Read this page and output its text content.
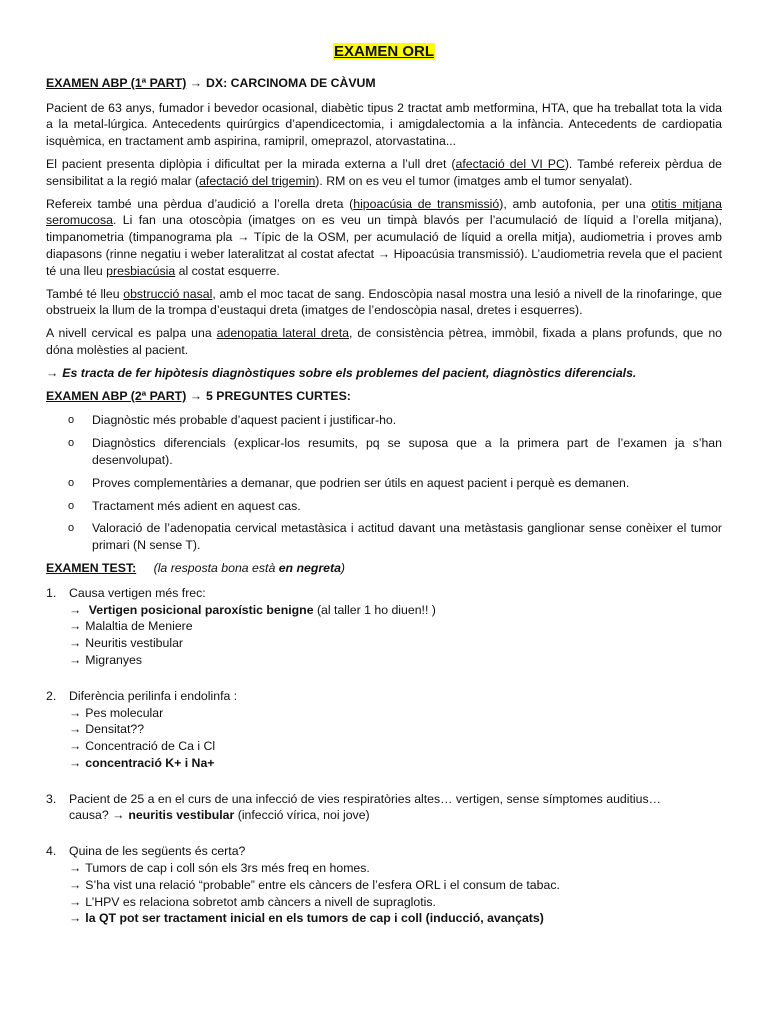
EXAMEN ORL
EXAMEN ABP (1ª PART) → DX: CARCINOMA DE CÀVUM

Pacient de 63 anys, fumador i bevedor ocasional, diabètic tipus 2 tractat amb metformina, HTA, que ha treballat tota la vida a la metal-lúrgica. Antecedents quirúrgics d’apendicectomia, i amigdalectomia a la infància. Antecedents de cardiopatia isquèmica, en tractament amb aspirina, ramipril, omeprazol, atorvastatina...

El pacient presenta diplòpia i dificultat per la mirada externa a l’ull dret (afectació del VI PC). També refereix pèrdua de sensibilitat a la regió malar (afectació del trigemin). RM on es veu el tumor (imatges amb el tumor senyalat).

Refereix també una pèrdua d’audició a l’orella dreta (hipoacúsia de transmissió), amb autofonia, per una otitis mitjana seromucosa. Li fan una otoscòpia (imatges on es veu un timpà blavós per l’acumulació de líquid a l’orella mitjana), timpanometria (timpanograma pla → Típic de la OSM, per acumulació de líquid a orella mitja), audiometria i proves amb diapasons (rinne negatiu i weber lateralitzat al costat afectat → Hipoacúsia transmissió). L’audiometria revela que el pacient té una lleu presbiacúsia al costat esquerre.

També té lleu obstrucció nasal, amb el moc tacat de sang. Endoscòpia nasal mostra una lesió a nivell de la rinofaringe, que obstrueix la llum de la trompa d’eustaqui dreta (imatges de l’endoscòpia nasal, dretes i esquerres).

A nivell cervical es palpa una adenopatia lateral dreta, de consistència pètrea, immòbil, fixada a plans profunds, que no dóna molèsties al pacient.

→ Es tracta de fer hipòtesis diagnòstiques sobre els problemes del pacient, diagnòstics diferencials.
EXAMEN ABP (2ª PART) → 5 PREGUNTES CURTES:
o Diagnòstic més probable d’aquest pacient i justificar-ho.
o Diagnòstics diferencials (explicar-los resumits, pq se suposa que a la primera part de l’examen ja s’han desenvolupat).
o Proves complementàries a demanar, que podrien ser útils en aquest pacient i perquè es demanen.
o Tractament més adient en aquest cas.
o Valoració de l’adenopatia cervical metastàsica i actitud davant una metàstasis ganglionar sense conèixer el tumor primari (N sense T).
EXAMEN TEST: (la resposta bona està en negreta)
1. Causa vertigen més frec:
→ Vertigen posicional paroxístic benigne (al taller 1 ho diuen!! )
→ Malaltia de Meniere
→ Neuritis vestibular
→ Migranyes
2. Diferència perilinfa i endolinfa :
→ Pes molecular
→ Densitat??
→ Concentració de Ca i Cl
→ concentració K+ i Na+
3. Pacient de 25 a en el curs de una infecció de vies respiratòries altes… vertigen, sense símptomes auditius…
causa? → neuritis vestibular (infecció vírica, noi jove)
4. Quina de les següents és certa?
→ Tumors de cap i coll són els 3rs més freq en homes.
→ S’ha vist una relació “probable” entre els càncers de l’esfera ORL i el consum de tabac.
→ L’HPV es relaciona sobretot amb càncers a nivell de supraglotis.
→ la QT pot ser tractament inicial en els tumors de cap i coll (inducció, avançats)
